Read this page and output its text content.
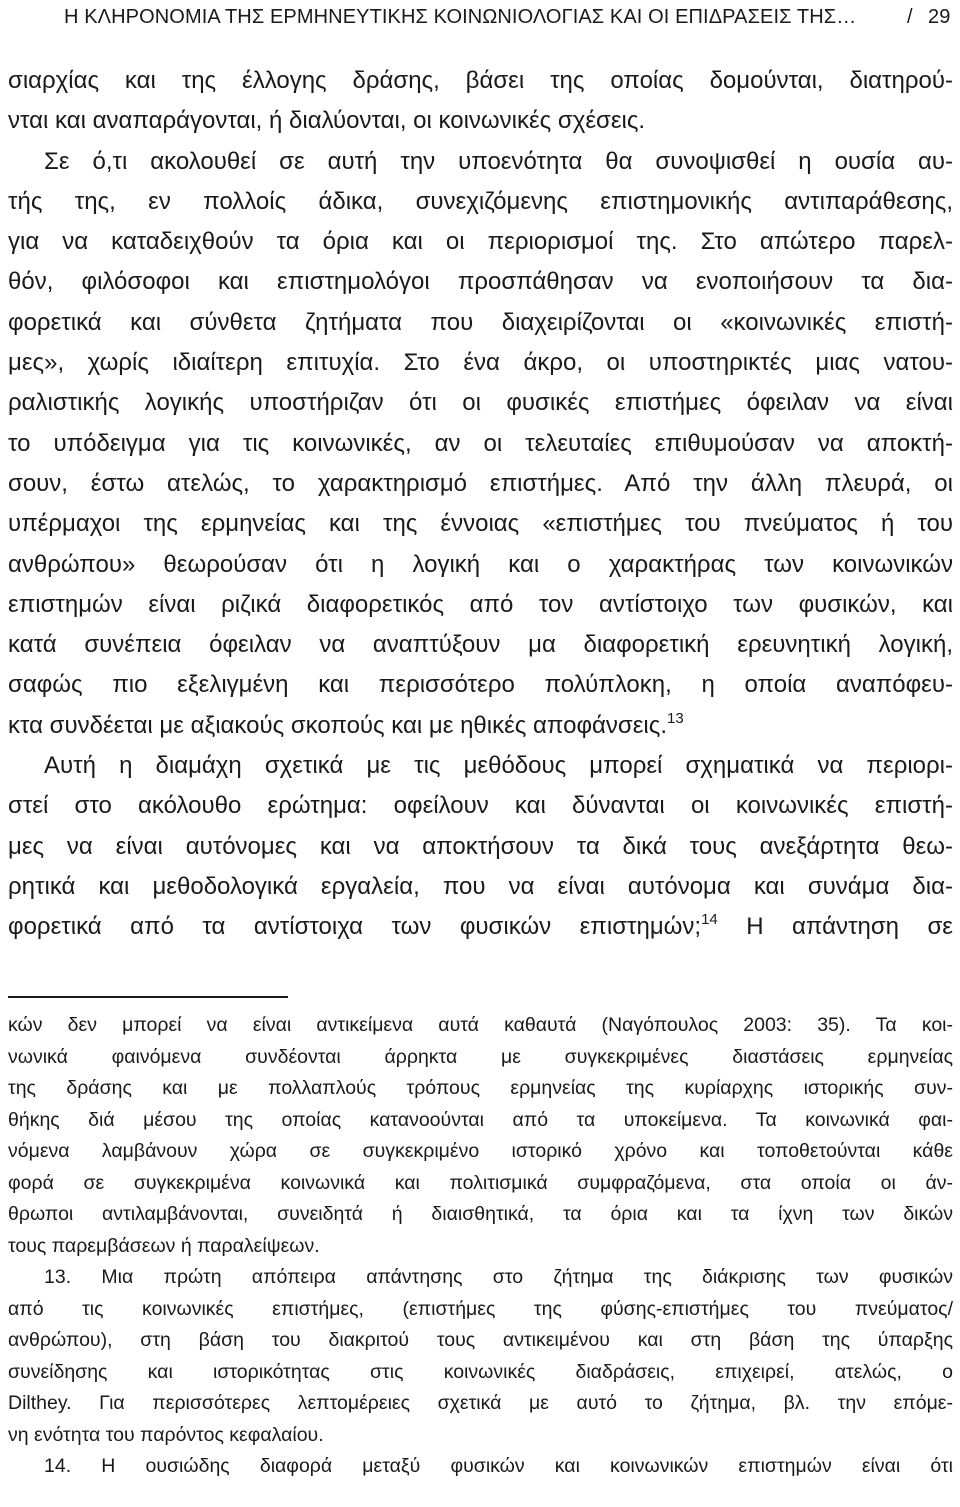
Η ΚΛΗΡΟΝΟΜΙΑ ΤΗΣ ΕΡΜΗΝΕΥΤΙΚΗΣ ΚΟΙΝΩΝΙΟΛΟΓΙΑΣ ΚΑΙ ΟΙ ΕΠΙΔΡΑΣΕΙΣ ΤΗΣ…	/ 29
σιαρχίας και της έλλογης δράσης, βάσει της οποίας δομούνται, διατηρού-
νται και αναπαράγονται, ή διαλύονται, οι κοινωνικές σχέσεις.
Σε ό,τι ακολουθεί σε αυτή την υποενότητα θα συνοψισθεί η ουσία αυ-
τής της, εν πολλοίς άδικα, συνεχιζόμενης επιστημονικής αντιπαράθεσης,
για να καταδειχθούν τα όρια και οι περιορισμοί της. Στο απώτερο παρελ-
θόν, φιλόσοφοι και επιστημολόγοι προσπάθησαν να ενοποιήσουν τα δια-
φορετικά και σύνθετα ζητήματα που διαχειρίζονται οι «κοινωνικές επιστή-
μες», χωρίς ιδιαίτερη επιτυχία. Στο ένα άκρο, οι υποστηρικτές μιας νατου-
ραλιστικής λογικής υποστήριζαν ότι οι φυσικές επιστήμες όφειλαν να είναι
το υπόδειγμα για τις κοινωνικές, αν οι τελευταίες επιθυμούσαν να αποκτή-
σουν, έστω ατελώς, το χαρακτηρισμό επιστήμες. Από την άλλη πλευρά, οι
υπέρμαχοι της ερμηνείας και της έννοιας «επιστήμες του πνεύματος ή του
ανθρώπου» θεωρούσαν ότι η λογική και ο χαρακτήρας των κοινωνικών
επιστημών είναι ριζικά διαφορετικός από τον αντίστοιχο των φυσικών, και
κατά συνέπεια όφειλαν να αναπτύξουν μα διαφορετική ερευνητική λογική,
σαφώς πιο εξελιγμένη και περισσότερο πολύπλοκη, η οποία αναπόφευ-
κτα συνδέεται με αξιακούς σκοπούς και με ηθικές αποφάνσεις.$^{13}$
Αυτή η διαμάχη σχετικά με τις μεθόδους μπορεί σχηματικά να περιορι-
στεί στο ακόλουθο ερώτημα: οφείλουν και δύνανται οι κοινωνικές επιστή-
μες να είναι αυτόνομες και να αποκτήσουν τα δικά τους ανεξάρτητα θεω-
ρητικά και μεθοδολογικά εργαλεία, που να είναι αυτόνομα και συνάμα δια-
φορετικά από τα αντίστοιχα των φυσικών επιστημών;$^{14}$ Η απάντηση σε
κών δεν μπορεί να είναι αντικείμενα αυτά καθαυτά (Ναγόπουλος 2003: 35). Τα κοι-
νωνικά φαινόμενα συνδέονται άρρηκτα με συγκεκριμένες διαστάσεις ερμηνείας
της δράσης και με πολλαπλούς τρόπους ερμηνείας της κυρίαρχης ιστορικής συν-
θήκης διά μέσου της οποίας κατανοούνται από τα υποκείμενα. Τα κοινωνικά φαι-
νόμενα λαμβάνουν χώρα σε συγκεκριμένο ιστορικό χρόνο και τοποθετούνται κάθε
φορά σε συγκεκριμένα κοινωνικά και πολιτισμικά συμφραζόμενα, στα οποία οι άν-
θρωποι αντιλαμβάνονται, συνειδητά ή διαισθητικά, τα όρια και τα ίχνη των δικών
τους παρεμβάσεων ή παραλείψεων.
13. Μια πρώτη απόπειρα απάντησης στο ζήτημα της διάκρισης των φυσικών
από τις κοινωνικές επιστήμες, (επιστήμες της φύσης-επιστήμες του πνεύματος/
ανθρώπου), στη βάση του διακριτού τους αντικειμένου και στη βάση της ύπαρξης
συνείδησης και ιστορικότητας στις κοινωνικές διαδράσεις, επιχειρεί, ατελώς, ο
Dilthey. Για περισσότερες λεπτομέρειες σχετικά με αυτό το ζήτημα, βλ. την επόμε-
νη ενότητα του παρόντος κεφαλαίου.
14. Η ουσιώδης διαφορά μεταξύ φυσικών και κοινωνικών επιστημών είναι ότι
